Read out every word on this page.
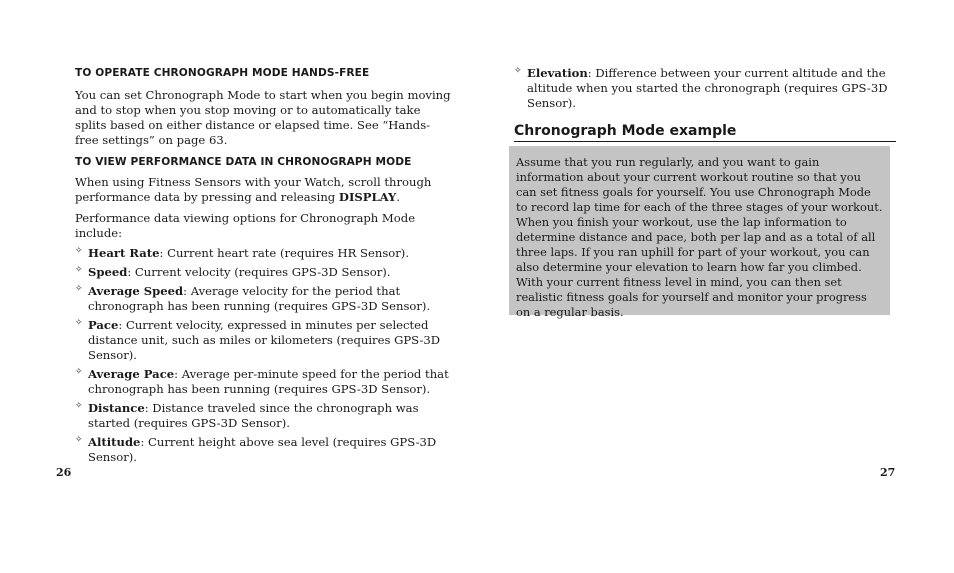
TO OPERATE CHRONOGRAPH MODE HANDS-FREE

You can set Chronograph Mode to start when you begin moving and to stop when you stop moving or to automatically take splits based on either distance or elapsed time. See “Hands-free settings” on page 63.

TO VIEW PERFORMANCE DATA IN CHRONOGRAPH MODE

When using Fitness Sensors with your Watch, scroll through performance data by pressing and releasing DISPLAY.

Performance data viewing options for Chronograph Mode include:

✧ Heart Rate: Current heart rate (requires HR Sensor).
✧ Speed: Current velocity (requires GPS-3D Sensor).
✧ Average Speed: Average velocity for the period that chronograph has been running (requires GPS-3D Sensor).
✧ Pace: Current velocity, expressed in minutes per selected distance unit, such as miles or kilometers (requires GPS-3D Sensor).
✧ Average Pace: Average per-minute speed for the period that chronograph has been running (requires GPS-3D Sensor).
✧ Distance: Distance traveled since the chronograph was started (requires GPS-3D Sensor).
✧ Altitude: Current height above sea level (requires GPS-3D Sensor).
✧ Elevation: Difference between your current altitude and the altitude when you started the chronograph (requires GPS-3D Sensor).
Chronograph Mode example

Assume that you run regularly, and you want to gain information about your current workout routine so that you can set fitness goals for yourself. You use Chronograph Mode to record lap time for each of the three stages of your workout. When you finish your workout, use the lap information to determine distance and pace, both per lap and as a total of all three laps. If you ran uphill for part of your workout, you can also determine your elevation to learn how far you climbed. With your current fitness level in mind, you can then set realistic fitness goals for yourself and monitor your progress on a regular basis.

26	27
